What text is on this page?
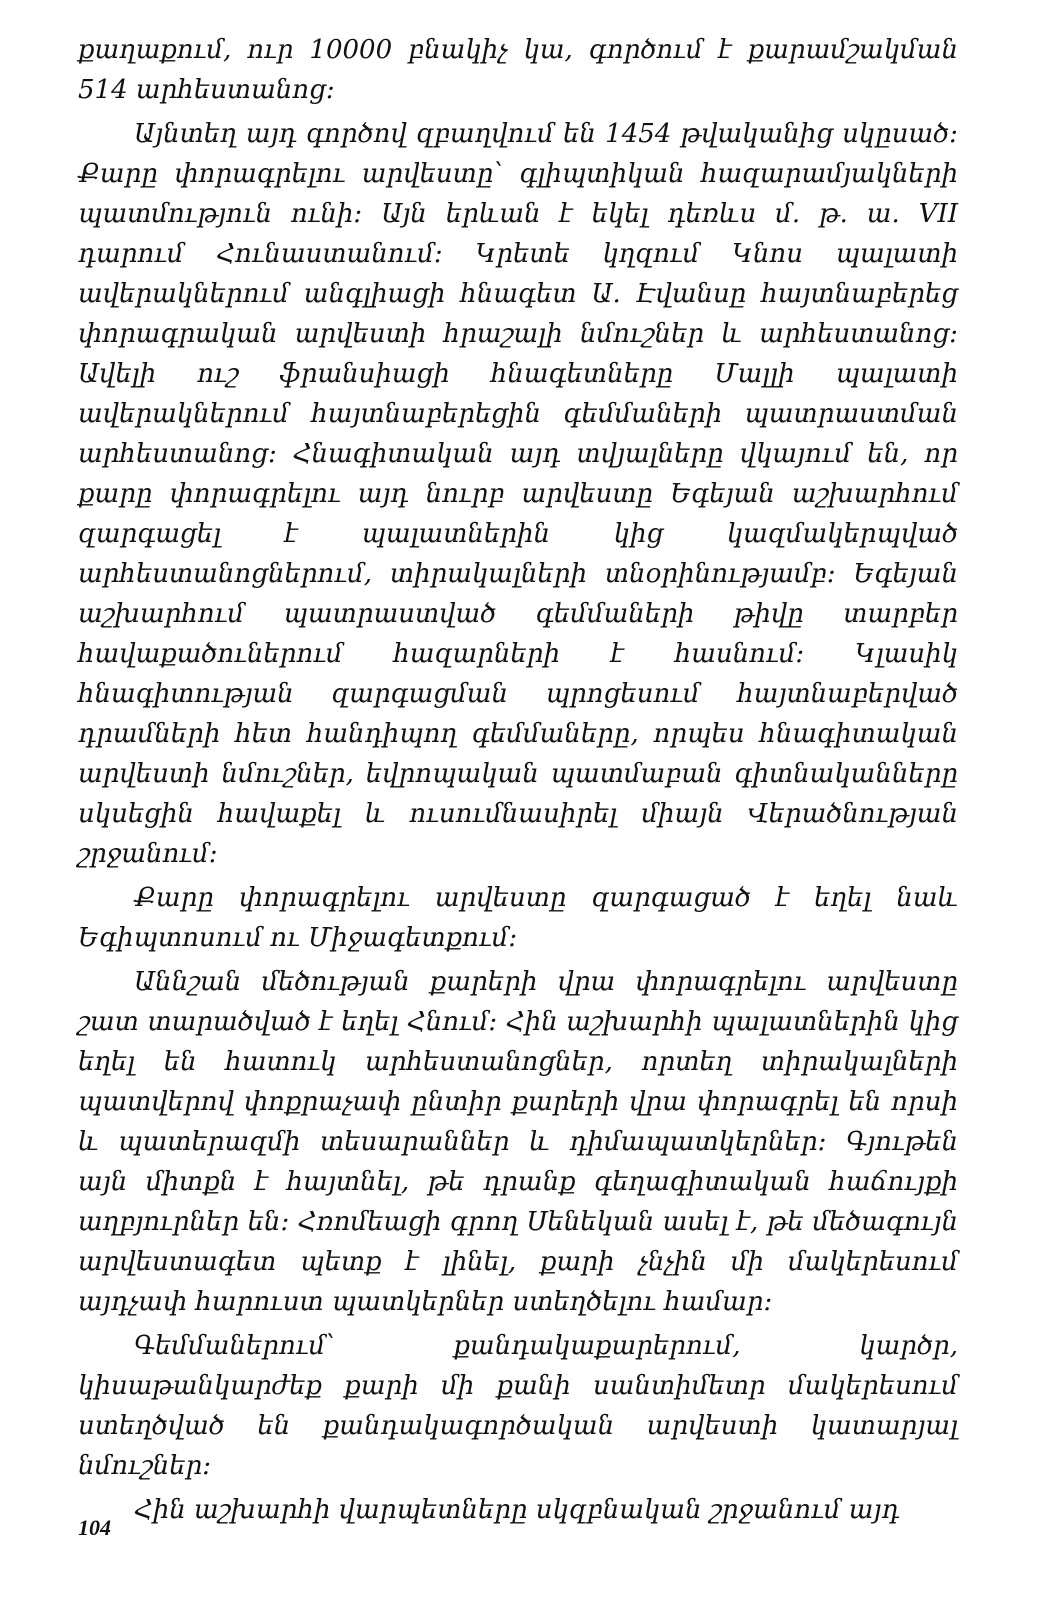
քաղաքում, ուր 10000 բնակիչ կա, գործում է քարամշակման 514 արհեստանոց։

Այնտեղ այդ գործով զբաղվում են 1454 թվականից սկըսած։ Քարը փորագրելու արվեստը՝ գլիպտիկան հազարամյակների պատմություն ունի։ Այն երևան է եկել դեռևս մ. թ. ա. VII դարում Հունաստանում։ Կրետե կղզում Կնոս պալատի ավերակներում անգլիացի հնագետ Ա. Էվանսը հայտնաբերեց փորագրական արվեստի հրաշալի նմուշներ և արհեստանոց։ Ավելի ուշ ֆրանսիացի հնագետները Մալլի պալատի ավերակներում հայտնաբերեցին գեմմաների պատրաստման արհեստանոց։ Հնագիտական այդ տվյալները վկայում են, որ քարը փորագրելու այդ նուրբ արվեստը Եգեյան աշխարհում զարգացել է պալատներին կից կազմակերպված արհեստանոցներում, տիրակալների տնօրինությամբ։ Եգեյան աշխարհում պատրաստված գեմմաների թիվը տարբեր հավաքածուներում հազարների է հասնում։ Կլասիկ հնագիտության զարգացման պրոցեսում հայտնաբերված դրամների հետ հանդիպող գեմմաները, որպես հնագիտական արվեստի նմուշներ, եվրոպական պատմաբան գիտնականները սկսեցին հավաքել և ուսումնասիրել միայն Վերածնության շրջանում։

Քարը փորագրելու արվեստը զարգացած է եղել նաև Եգիպտոսում ու Միջագետքում։

Աննշան մեծության քարերի վրա փորագրելու արվեստը շատ տարածված է եղել Հնում։ Հին աշխարհի պալատներին կից եղել են հատուկ արհեստանոցներ, որտեղ տիրակալների պատվերով փոքրաչափ ընտիր քարերի վրա փորագրել են որսի և պատերազմի տեսարաններ և դիմապատկերներ։ Գյութեն այն միտքն է հայտնել, թե դրանք գեղագիտական հաճույքի աղբյուրներ են։ Հռոմեացի գրող Սենեկան ասել է, թե մեծագույն արվեստագետ պետք է լինել, քարի չնչին մի մակերեսում այդչափ հարուստ պատկերներ ստեղծելու համար։

Գեմմաներում՝ քանդակաքարերում, կարծր, կիսաթանկարժեք քարի մի քանի սանտիմետր մակերեսում ստեղծված են քանդակագործական արվեստի կատարյալ նմուշներ։

Հին աշխարհի վարպետները սկզբնական շրջանում այդ

104
